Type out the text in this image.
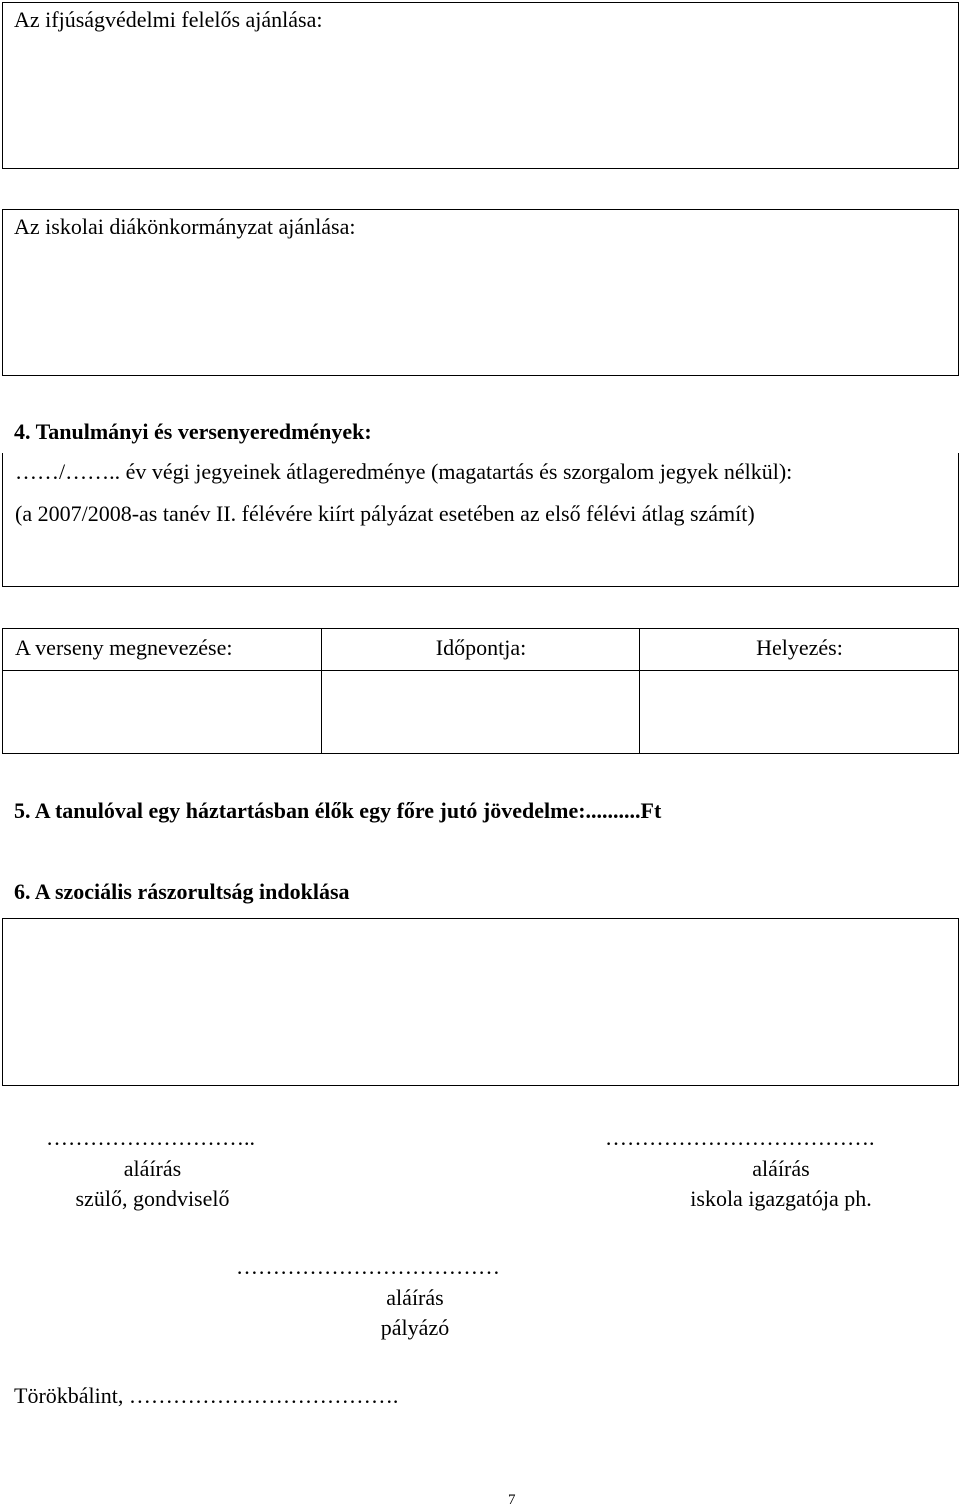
Az ifjúságvédelmi felelős ajánlása:
Az iskolai diákönkormányzat ajánlása:
4. Tanulmányi és versenyeredmények:
……/…….. év végi jegyeinek átlageredménye (magatartás és szorgalom jegyek nélkül):
(a 2007/2008-as tanév II. félévére kiírt pályázat esetében az első félévi átlag számít)
A verseny megnevezése:	Időpontja:	Helyezés:
5. A tanulóval egy háztartásban élők egy főre jutó jövedelme:..........Ft
6. A szociális rászorultság indoklása
………………………..
aláírás
szülő, gondviselő
……………………………….
aláírás
iskola igazgatója ph.
………………………………
aláírás
pályázó
Törökbálint, ……………………………….
7
